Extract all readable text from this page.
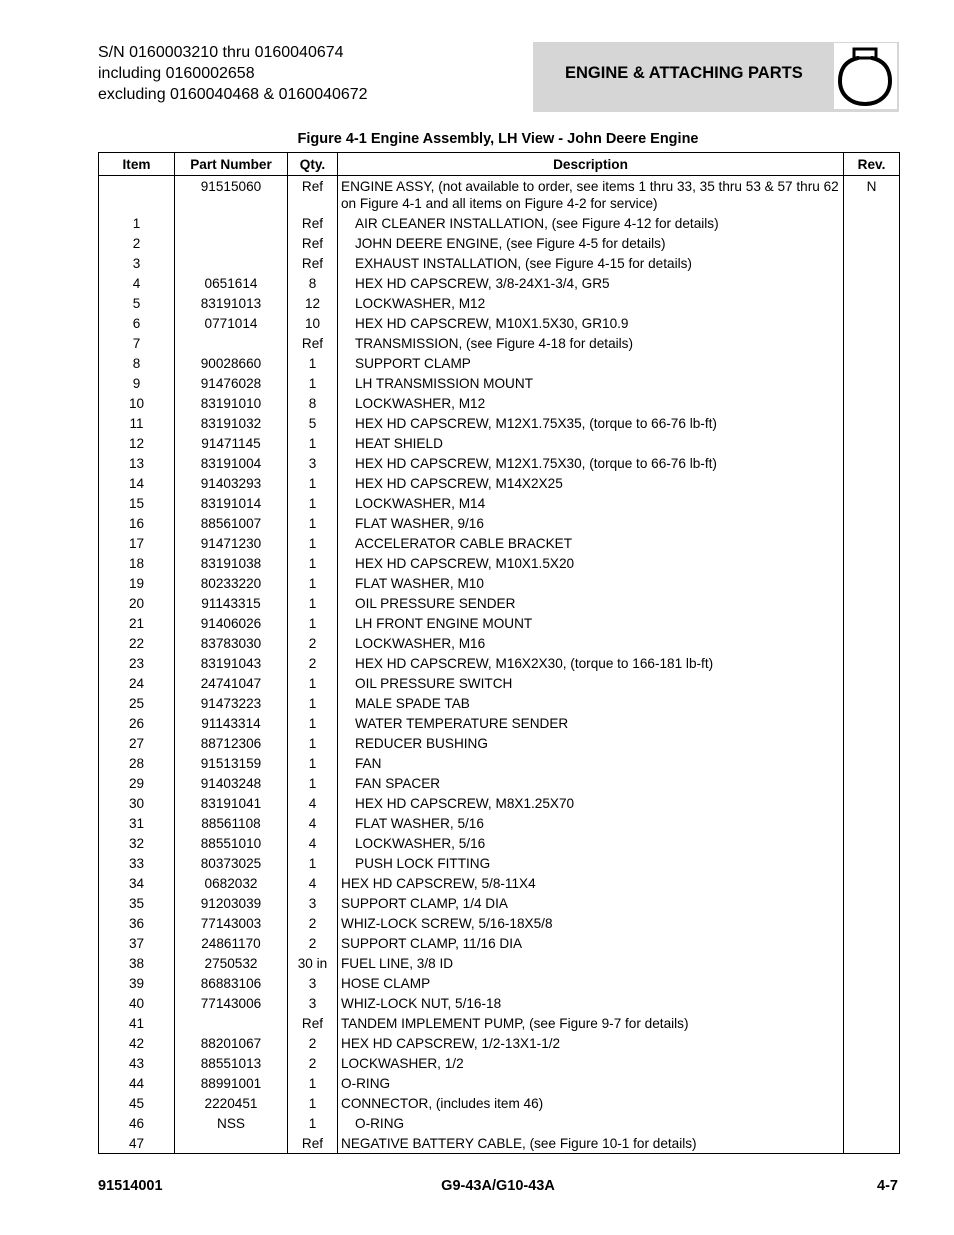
S/N 0160003210 thru 0160040674
including 0160002658
excluding 0160040468 & 0160040672
ENGINE & ATTACHING PARTS
Figure 4-1 Engine Assembly, LH View - John Deere Engine
Item	Part Number	Qty.	Description	Rev.
	91515060	Ref	ENGINE ASSY, (not available to order, see items 1 thru 33, 35 thru 53 & 57 thru 62 on Figure 4-1 and all items on Figure 4-2 for service)	N
1		Ref	AIR CLEANER INSTALLATION, (see Figure 4-12 for details)	

2		Ref	JOHN DEERE ENGINE, (see Figure 4-5 for details)	

3		Ref	EXHAUST INSTALLATION, (see Figure 4-15 for details)	

4	0651614	8	HEX HD CAPSCREW, 3/8-24X1-3/4, GR5	

5	83191013	12	LOCKWASHER, M12	

6	0771014	10	HEX HD CAPSCREW, M10X1.5X30, GR10.9	

7		Ref	TRANSMISSION, (see Figure 4-18 for details)	

8	90028660	1	SUPPORT CLAMP	

9	91476028	1	LH TRANSMISSION MOUNT	

10	83191010	8	LOCKWASHER, M12	

11	83191032	5	HEX HD CAPSCREW, M12X1.75X35, (torque to 66-76 lb-ft)	

12	91471145	1	HEAT SHIELD	

13	83191004	3	HEX HD CAPSCREW, M12X1.75X30, (torque to 66-76 lb-ft)	

14	91403293	1	HEX HD CAPSCREW, M14X2X25	

15	83191014	1	LOCKWASHER, M14	

16	88561007	1	FLAT WASHER, 9/16	

17	91471230	1	ACCELERATOR CABLE BRACKET	

18	83191038	1	HEX HD CAPSCREW, M10X1.5X20	

19	80233220	1	FLAT WASHER, M10	

20	91143315	1	OIL PRESSURE SENDER	

21	91406026	1	LH FRONT ENGINE MOUNT	

22	83783030	2	LOCKWASHER, M16	

23	83191043	2	HEX HD CAPSCREW, M16X2X30, (torque to 166-181 lb-ft)	

24	24741047	1	OIL PRESSURE SWITCH	

25	91473223	1	MALE SPADE TAB	

26	91143314	1	WATER TEMPERATURE SENDER	

27	88712306	1	REDUCER BUSHING	

28	91513159	1	FAN	

29	91403248	1	FAN SPACER	

30	83191041	4	HEX HD CAPSCREW, M8X1.25X70	

31	88561108	4	FLAT WASHER, 5/16	

32	88551010	4	LOCKWASHER, 5/16	

33	80373025	1	PUSH LOCK FITTING	

34	0682032	4	HEX HD CAPSCREW, 5/8-11X4	
35	91203039	3	SUPPORT CLAMP, 1/4 DIA	
36	77143003	2	WHIZ-LOCK SCREW, 5/16-18X5/8	
37	24861170	2	SUPPORT CLAMP, 11/16 DIA	
38	2750532	30 in	FUEL LINE, 3/8 ID	
39	86883106	3	HOSE CLAMP	
40	77143006	3	WHIZ-LOCK NUT, 5/16-18	
41		Ref	TANDEM IMPLEMENT PUMP, (see Figure 9-7 for details)	
42	88201067	2	HEX HD CAPSCREW, 1/2-13X1-1/2	
43	88551013	2	LOCKWASHER, 1/2	
44	88991001	1	O-RING	
45	2220451	1	CONNECTOR, (includes item 46)	
46	NSS	1	O-RING	

47		Ref	NEGATIVE BATTERY CABLE, (see Figure 10-1 for details)	
91514001	G9-43A/G10-43A	4-7
